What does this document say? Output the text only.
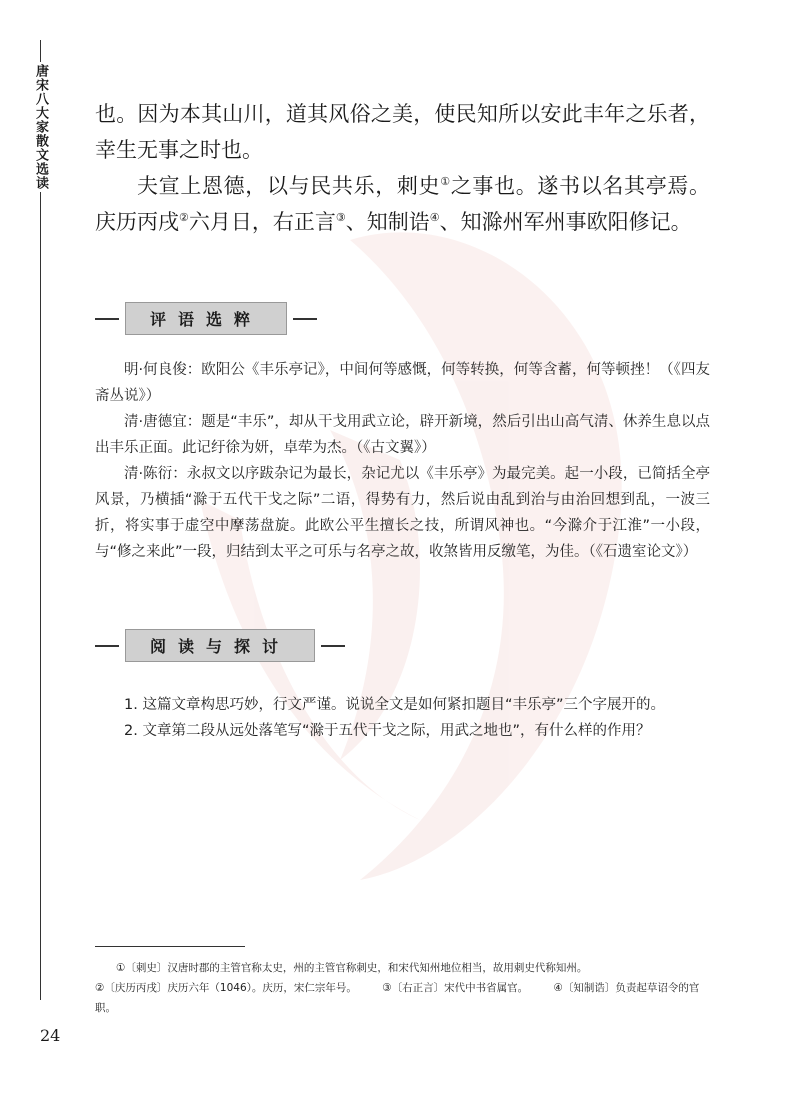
唐宋八大家散文选读
24

也。因为本其山川，道其风俗之美，使民知所以安此丰年之乐者，幸生无事之时也。

夫宣上恩德，以与民共乐，刺史①之事也。遂书以名其亭焉。庆历丙戌②六月日，右正言③、知制诰④、知滁州军州事欧阳修记。

评语选粹

明·何良俊：欧阳公《丰乐亭记》，中间何等感慨，何等转换，何等含蓄，何等顿挫！（《四友斋丛说》）

清·唐德宜：题是“丰乐”，却从干戈用武立论，辟开新境，然后引出山高气清、休养生息以点出丰乐正面。此记纡徐为妍，卓荦为杰。（《古文翼》）

清·陈衍：永叔文以序跋杂记为最长，杂记尤以《丰乐亭》为最完美。起一小段，已简括全亭风景，乃横插“滁于五代干戈之际”二语，得势有力，然后说由乱到治与由治回想到乱，一波三折，将实事于虚空中摩荡盘旋。此欧公平生擅长之技，所谓风神也。“今滁介于江淮”一小段，与“修之来此”一段，归结到太平之可乐与名亭之故，收煞皆用反缴笔，为佳。（《石遗室论文》）

阅读与探讨

1. 这篇文章构思巧妙，行文严谨。说说全文是如何紧扣题目“丰乐亭”三个字展开的。

2. 文章第二段从远处落笔写“滁于五代干戈之际，用武之地也”，有什么样的作用？

①〔刺史〕汉唐时郡的主管官称太史，州的主管官称刺史，和宋代知州地位相当，故用刺史代称知州。
②〔庆历丙戌〕庆历六年（1046）。庆历，宋仁宗年号。 ③〔右正言〕宋代中书省属官。 ④〔知制诰〕负责起草诏令的官职。
